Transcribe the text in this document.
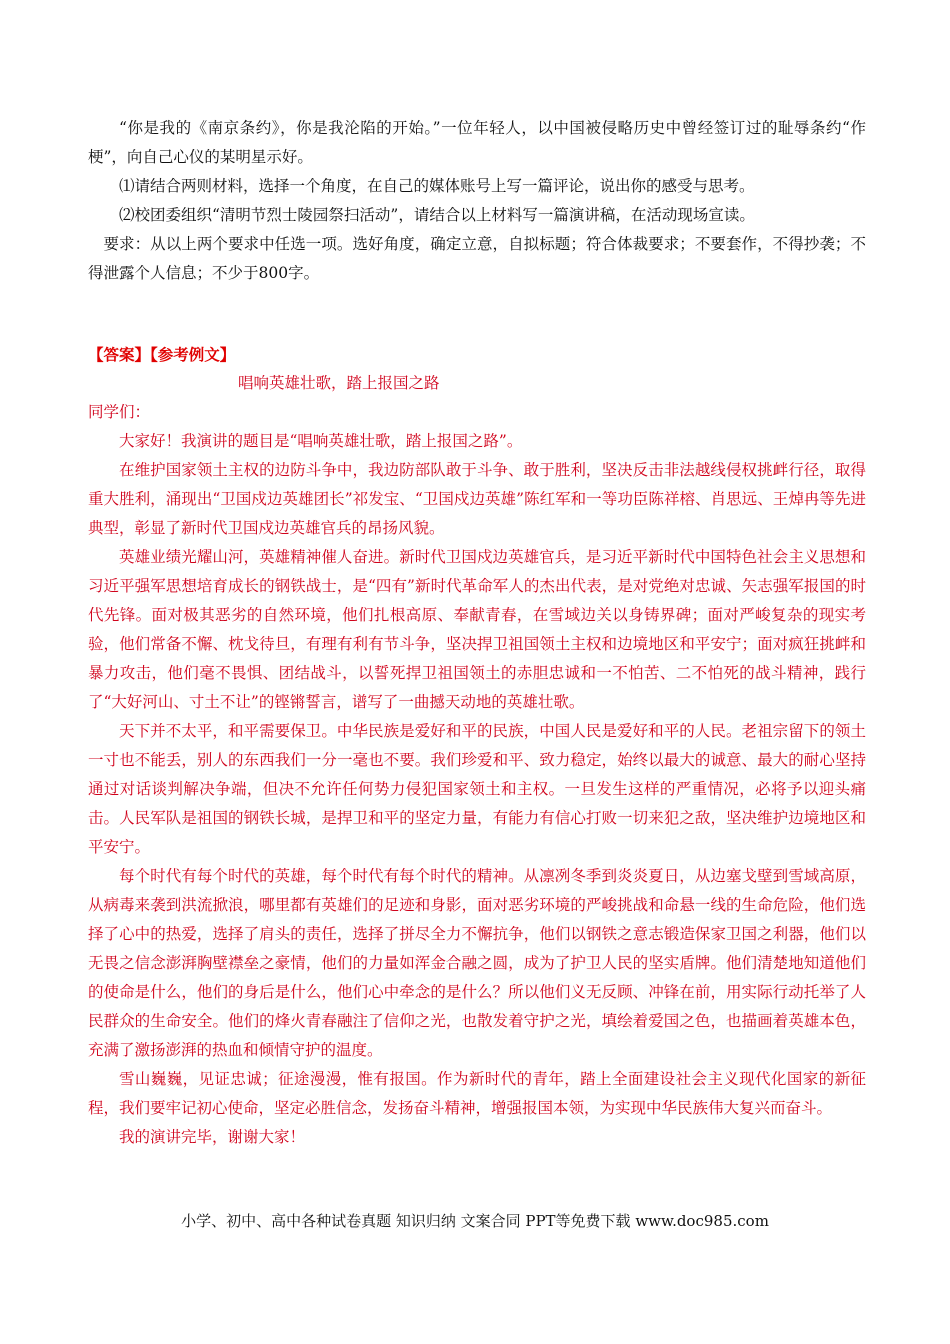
“你是我的《南京条约》，你是我沦陷的开始。”一位年轻人，以中国被侵略历史中曾经签订过的耻辱条约“作梗”，向自己心仪的某明星示好。

⑴请结合两则材料，选择一个角度，在自己的媒体账号上写一篇评论，说出你的感受与思考。

⑵校团委组织“清明节烈士陵园祭扫活动”，请结合以上材料写一篇演讲稿，在活动现场宣读。

要求：从以上两个要求中任选一项。选好角度，确定立意，自拟标题；符合体裁要求；不要套作，不得抄袭；不得泄露个人信息；不少于800字。

【答案】【参考例文】

唱响英雄壮歌，踏上报国之路

同学们：

大家好！我演讲的题目是“唱响英雄壮歌，踏上报国之路”。

在维护国家领土主权的边防斗争中，我边防部队敢于斗争、敢于胜利，坚决反击非法越线侵权挑衅行径，取得重大胜利，涌现出“卫国戍边英雄团长”祁发宝、“卫国戍边英雄”陈红军和一等功臣陈祥榕、肖思远、王焯冉等先进典型，彰显了新时代卫国戍边英雄官兵的昂扬风貌。

英雄业绩光耀山河，英雄精神催人奋进。新时代卫国戍边英雄官兵，是习近平新时代中国特色社会主义思想和习近平强军思想培育成长的钢铁战士，是“四有”新时代革命军人的杰出代表，是对党绝对忠诚、矢志强军报国的时代先锋。面对极其恶劣的自然环境，他们扎根高原、奉献青春，在雪域边关以身铸界碑；面对严峻复杂的现实考验，他们常备不懈、枕戈待旦，有理有利有节斗争，坚决捍卫祖国领土主权和边境地区和平安宁；面对疯狂挑衅和暴力攻击，他们毫不畏惧、团结战斗，以誓死捍卫祖国领土的赤胆忠诚和一不怕苦、二不怕死的战斗精神，践行了“大好河山、寸土不让”的铿锵誓言，谱写了一曲撼天动地的英雄壮歌。

天下并不太平，和平需要保卫。中华民族是爱好和平的民族，中国人民是爱好和平的人民。老祖宗留下的领土一寸也不能丢，别人的东西我们一分一毫也不要。我们珍爱和平、致力稳定，始终以最大的诚意、最大的耐心坚持通过对话谈判解决争端，但决不允许任何势力侵犯国家领土和主权。一旦发生这样的严重情况，必将予以迎头痛击。人民军队是祖国的钢铁长城，是捍卫和平的坚定力量，有能力有信心打败一切来犯之敌，坚决维护边境地区和平安宁。

每个时代有每个时代的英雄，每个时代有每个时代的精神。从凛冽冬季到炎炎夏日，从边塞戈壁到雪域高原，从病毒来袭到洪流掀浪，哪里都有英雄们的足迹和身影，面对恶劣环境的严峻挑战和命悬一线的生命危险，他们选择了心中的热爱，选择了肩头的责任，选择了拼尽全力不懈抗争，他们以钢铁之意志锻造保家卫国之利器，他们以无畏之信念澎湃胸壁襟垒之豪情，他们的力量如浑金合融之圆，成为了护卫人民的坚实盾牌。他们清楚地知道他们的使命是什么，他们的身后是什么，他们心中牵念的是什么？所以他们义无反顾、冲锋在前，用实际行动托举了人民群众的生命安全。他们的烽火青春融注了信仰之光，也散发着守护之光，填绘着爱国之色，也描画着英雄本色，充满了激扬澎湃的热血和倾情守护的温度。

雪山巍巍，见证忠诚；征途漫漫，惟有报国。作为新时代的青年，踏上全面建设社会主义现代化国家的新征程，我们要牢记初心使命，坚定必胜信念，发扬奋斗精神，增强报国本领，为实现中华民族伟大复兴而奋斗。

我的演讲完毕，谢谢大家！

小学、初中、高中各种试卷真题 知识归纳 文案合同 PPT等免费下载 www.doc985.com
